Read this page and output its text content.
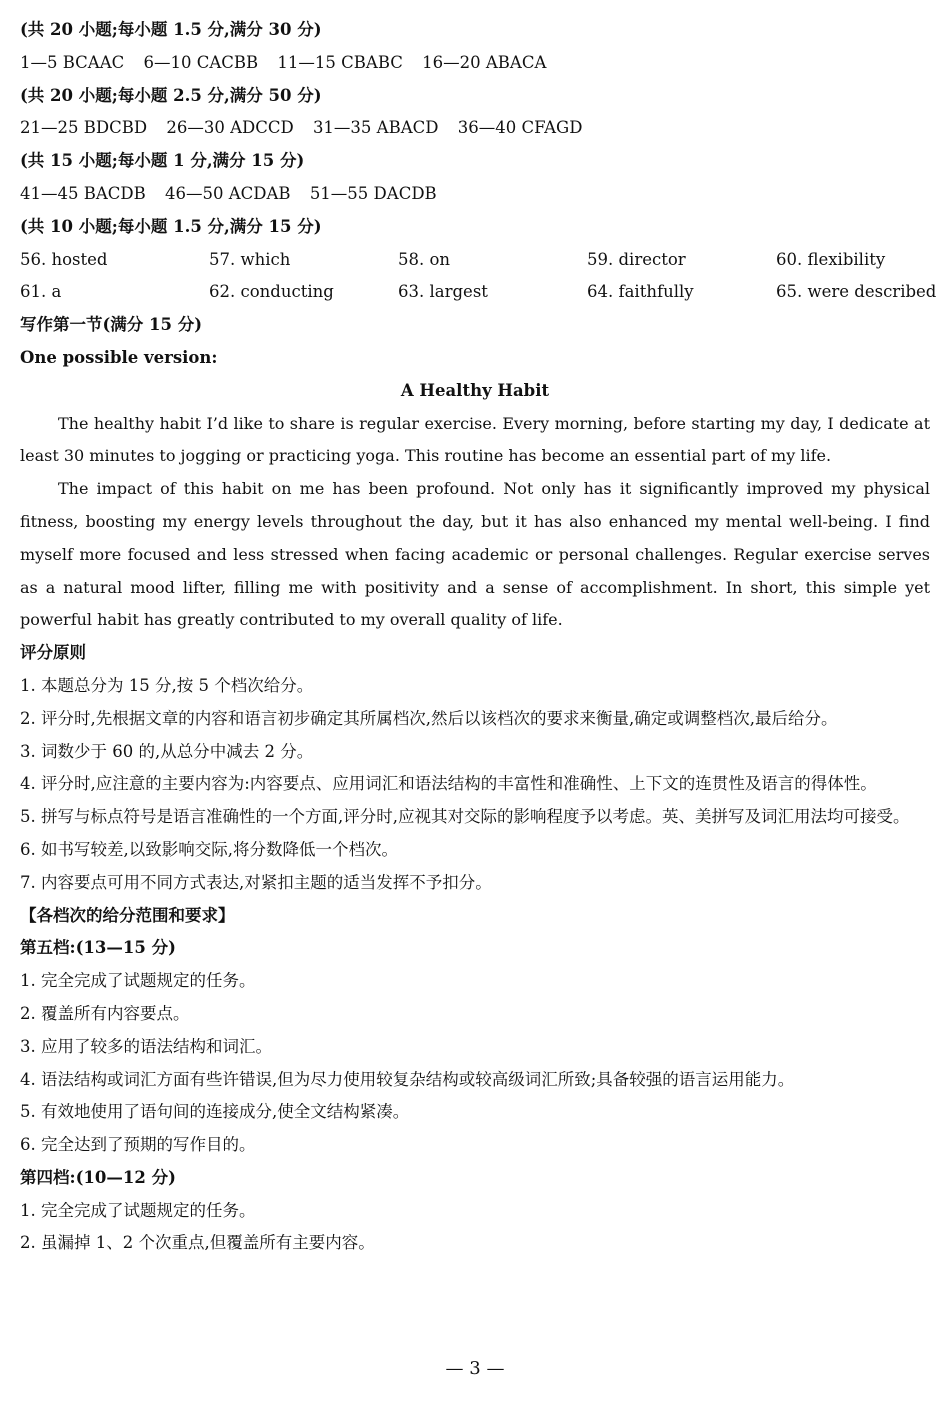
(共 20 小题;每小题 1.5 分,满分 30 分)
1—5 BCAAC 6—10 CACBB 11—15 CBABC 16—20 ABACA
(共 20 小题;每小题 2.5 分,满分 50 分)
21—25 BDCBD 26—30 ADCCD 31—35 ABACD 36—40 CFAGD
(共 15 小题;每小题 1 分,满分 15 分)
41—45 BACDB 46—50 ACDAB 51—55 DACDB
(共 10 小题;每小题 1.5 分,满分 15 分)
56. hosted	57. which	58. on	59. director	60. flexibility
61. a	62. conducting	63. largest	64. faithfully	65. were described
写作第一节(满分 15 分)
One possible version:
A Healthy Habit
The healthy habit I’d like to share is regular exercise. Every morning, before starting my day, I dedicate at least 30 minutes to jogging or practicing yoga. This routine has become an essential part of my life.
The impact of this habit on me has been profound. Not only has it significantly improved my physical fitness, boosting my energy levels throughout the day, but it has also enhanced my mental well-being. I find myself more focused and less stressed when facing academic or personal challenges. Regular exercise serves as a natural mood lifter, filling me with positivity and a sense of accomplishment. In short, this simple yet powerful habit has greatly contributed to my overall quality of life.
评分原则
1. 本题总分为 15 分,按 5 个档次给分。
2. 评分时,先根据文章的内容和语言初步确定其所属档次,然后以该档次的要求来衡量,确定或调整档次,最后给分。
3. 词数少于 60 的,从总分中减去 2 分。
4. 评分时,应注意的主要内容为:内容要点、应用词汇和语法结构的丰富性和准确性、上下文的连贯性及语言的得体性。
5. 拼写与标点符号是语言准确性的一个方面,评分时,应视其对交际的影响程度予以考虑。英、美拼写及词汇用法均可接受。
6. 如书写较差,以致影响交际,将分数降低一个档次。
7. 内容要点可用不同方式表达,对紧扣主题的适当发挥不予扣分。
【各档次的给分范围和要求】
第五档:(13—15 分)
1. 完全完成了试题规定的任务。
2. 覆盖所有内容要点。
3. 应用了较多的语法结构和词汇。
4. 语法结构或词汇方面有些许错误,但为尽力使用较复杂结构或较高级词汇所致;具备较强的语言运用能力。
5. 有效地使用了语句间的连接成分,使全文结构紧凑。
6. 完全达到了预期的写作目的。
第四档:(10—12 分)
1. 完全完成了试题规定的任务。
2. 虽漏掉 1、2 个次重点,但覆盖所有主要内容。
— 3 —
